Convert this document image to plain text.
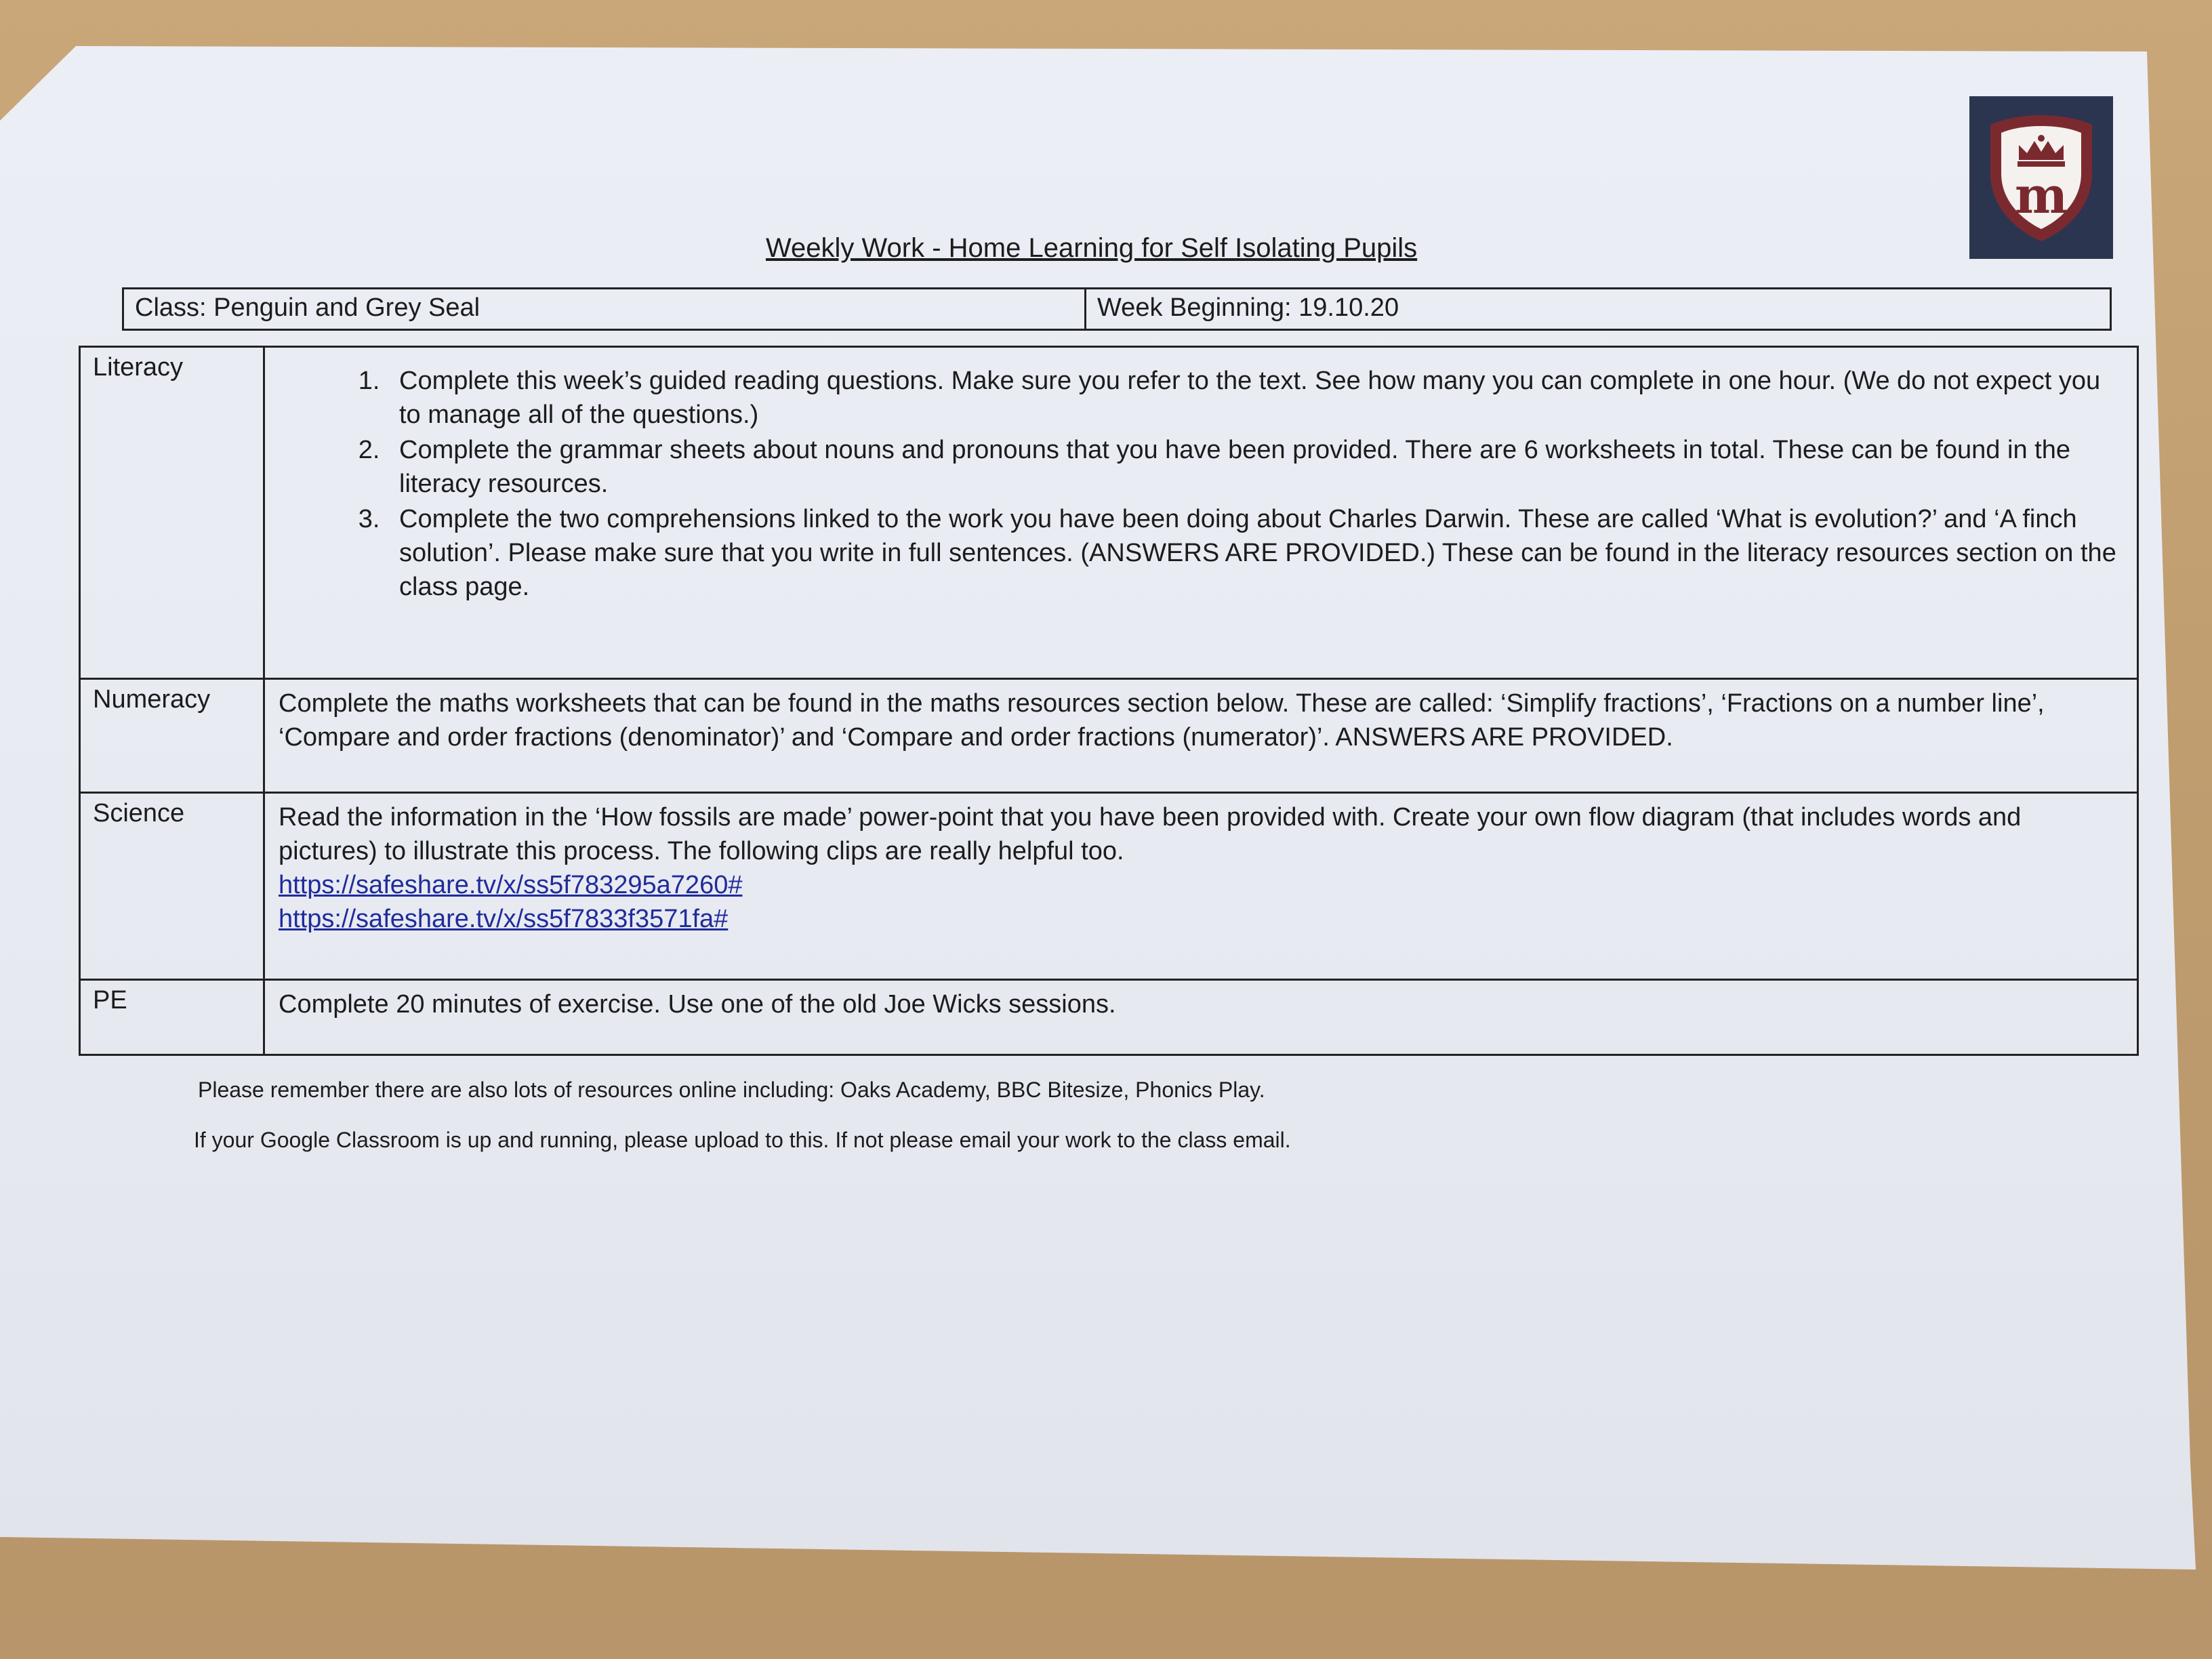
m
Weekly Work - Home Learning for Self Isolating Pupils
Class: Penguin and Grey Seal	Week Beginning: 19.10.20
Literacy
1.	Complete this week’s guided reading questions. Make sure you refer to the text. See how many you can complete in one hour. (We do not expect you to manage all of the questions.)
2. Complete the grammar sheets about nouns and pronouns that you have been provided. There are 6 worksheets in total. These can be found in the literacy resources.
3. Complete the two comprehensions linked to the work you have been doing about Charles Darwin. These are called ‘What is evolution?’ and ‘A finch solution’. Please make sure that you write in full sentences. (ANSWERS ARE PROVIDED.) These can be found in the literacy resources section on the class page.
Numeracy	Complete the maths worksheets that can be found in the maths resources section below. These are called: ‘Simplify fractions’, ‘Fractions on a number line’, ‘Compare and order fractions (denominator)’ and ‘Compare and order fractions (numerator)’. ANSWERS ARE PROVIDED.
Science	Read the information in the ‘How fossils are made’ power-point that you have been provided with. Create your own flow diagram (that includes words and pictures) to illustrate this process. The following clips are really helpful too.
https://safeshare.tv/x/ss5f783295a7260#
https://safeshare.tv/x/ss5f7833f3571fa#
PE	Complete 20 minutes of exercise. Use one of the old Joe Wicks sessions.
Please remember there are also lots of resources online including: Oaks Academy, BBC Bitesize, Phonics Play.
If your Google Classroom is up and running, please upload to this. If not please email your work to the class email.
